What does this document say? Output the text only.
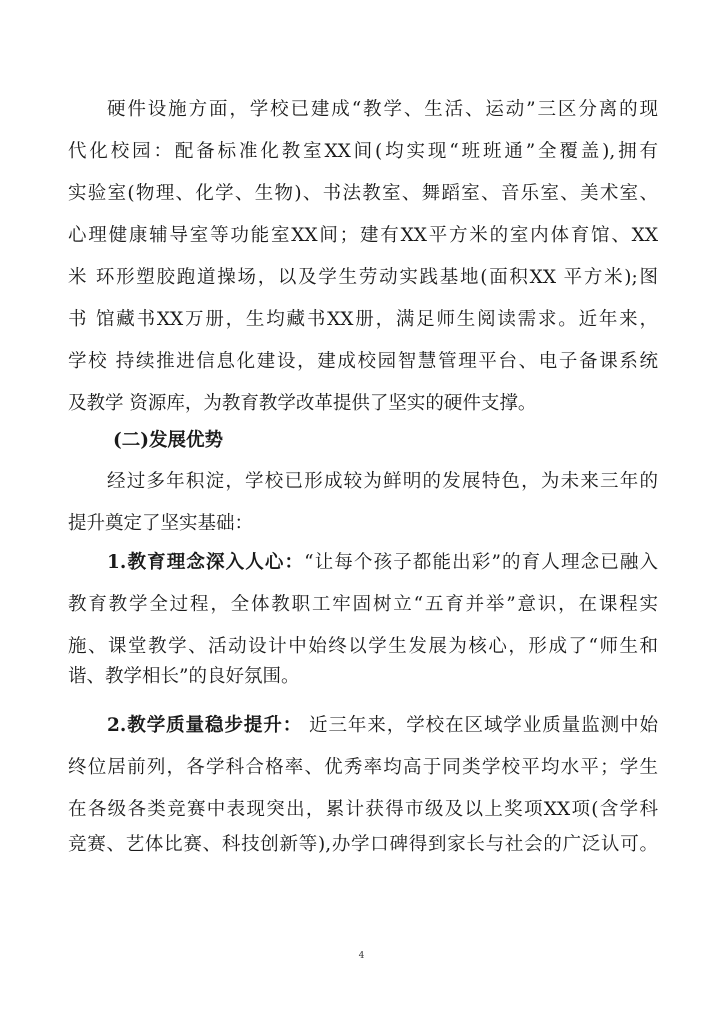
硬件设施方面，学校已建成“教学、生活、运动”三区分离的现
代化校园：配备标准化教室XX间(均实现“班班通”全覆盖),拥有
实验室(物理、化学、生物)、书法教室、舞蹈室、音乐室、美术室、
心理健康辅导室等功能室XX间；建有XX平方米的室内体育馆、XX
米 环形塑胶跑道操场，以及学生劳动实践基地(面积XX 平方米);图
书 馆藏书XX万册，生均藏书XX册，满足师生阅读需求。近年来，
学校 持续推进信息化建设，建成校园智慧管理平台、电子备课系统
及教学 资源库，为教育教学改革提供了坚实的硬件支撑。
(二)发展优势
经过多年积淀，学校已形成较为鲜明的发展特色，为未来三年的
提升奠定了坚实基础：
1.教育理念深入人心：“让每个孩子都能出彩”的育人理念已融入
教育教学全过程，全体教职工牢固树立“五育并举”意识，在课程实
施、课堂教学、活动设计中始终以学生发展为核心，形成了“师生和
谐、教学相长”的良好氛围。
2.教学质量稳步提升： 近三年来，学校在区域学业质量监测中始
终位居前列，各学科合格率、优秀率均高于同类学校平均水平；学生
在各级各类竞赛中表现突出，累计获得市级及以上奖项XX项(含学科
竞赛、艺体比赛、科技创新等),办学口碑得到家长与社会的广泛认可。
4
